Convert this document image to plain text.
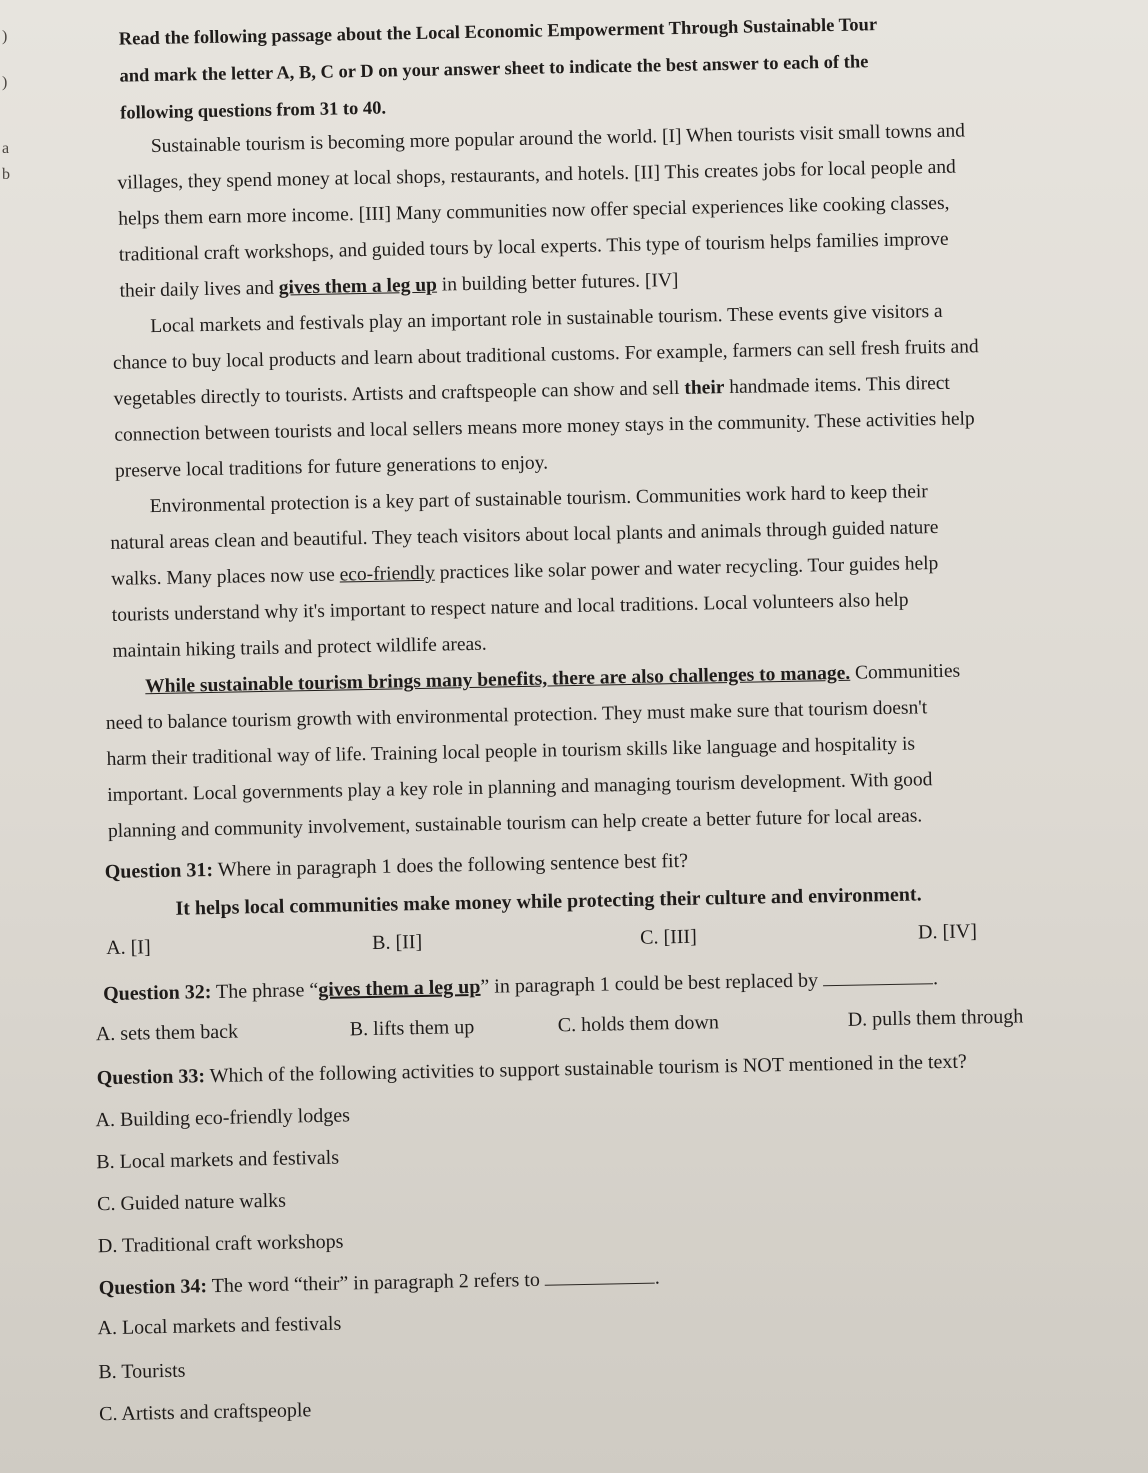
)
)
a
b
Read the following passage about the Local Economic Empowerment Through Sustainable Tour
and mark the letter A, B, C or D on your answer sheet to indicate the best answer to each of the
following questions from 31 to 40.
Sustainable tourism is becoming more popular around the world. [I] When tourists visit small towns and
villages, they spend money at local shops, restaurants, and hotels. [II] This creates jobs for local people and
helps them earn more income. [III] Many communities now offer special experiences like cooking classes,
traditional craft workshops, and guided tours by local experts. This type of tourism helps families improve
their daily lives and gives them a leg up in building better futures. [IV]
Local markets and festivals play an important role in sustainable tourism. These events give visitors a
chance to buy local products and learn about traditional customs. For example, farmers can sell fresh fruits and
vegetables directly to tourists. Artists and craftspeople can show and sell their handmade items. This direct
connection between tourists and local sellers means more money stays in the community. These activities help
preserve local traditions for future generations to enjoy.
Environmental protection is a key part of sustainable tourism. Communities work hard to keep their
natural areas clean and beautiful. They teach visitors about local plants and animals through guided nature
walks. Many places now use eco-friendly practices like solar power and water recycling. Tour guides help
tourists understand why it's important to respect nature and local traditions. Local volunteers also help
maintain hiking trails and protect wildlife areas.
While sustainable tourism brings many benefits, there are also challenges to manage. Communities
need to balance tourism growth with environmental protection. They must make sure that tourism doesn't
harm their traditional way of life. Training local people in tourism skills like language and hospitality is
important. Local governments play a key role in planning and managing tourism development. With good
planning and community involvement, sustainable tourism can help create a better future for local areas.
Question 31: Where in paragraph 1 does the following sentence best fit?
It helps local communities make money while protecting their culture and environment.
A. [I]	B. [II]	C. [III]	D. [IV]
Question 32: The phrase “gives them a leg up” in paragraph 1 could be best replaced by	.
A. sets them back	B. lifts them up	C. holds them down	D. pulls them through
Question 33: Which of the following activities to support sustainable tourism is NOT mentioned in the text?
A. Building eco-friendly lodges
B. Local markets and festivals
C. Guided nature walks
D. Traditional craft workshops
Question 34: The word “their” in paragraph 2 refers to	.
A. Local markets and festivals
B. Tourists
C. Artists and craftspeople
